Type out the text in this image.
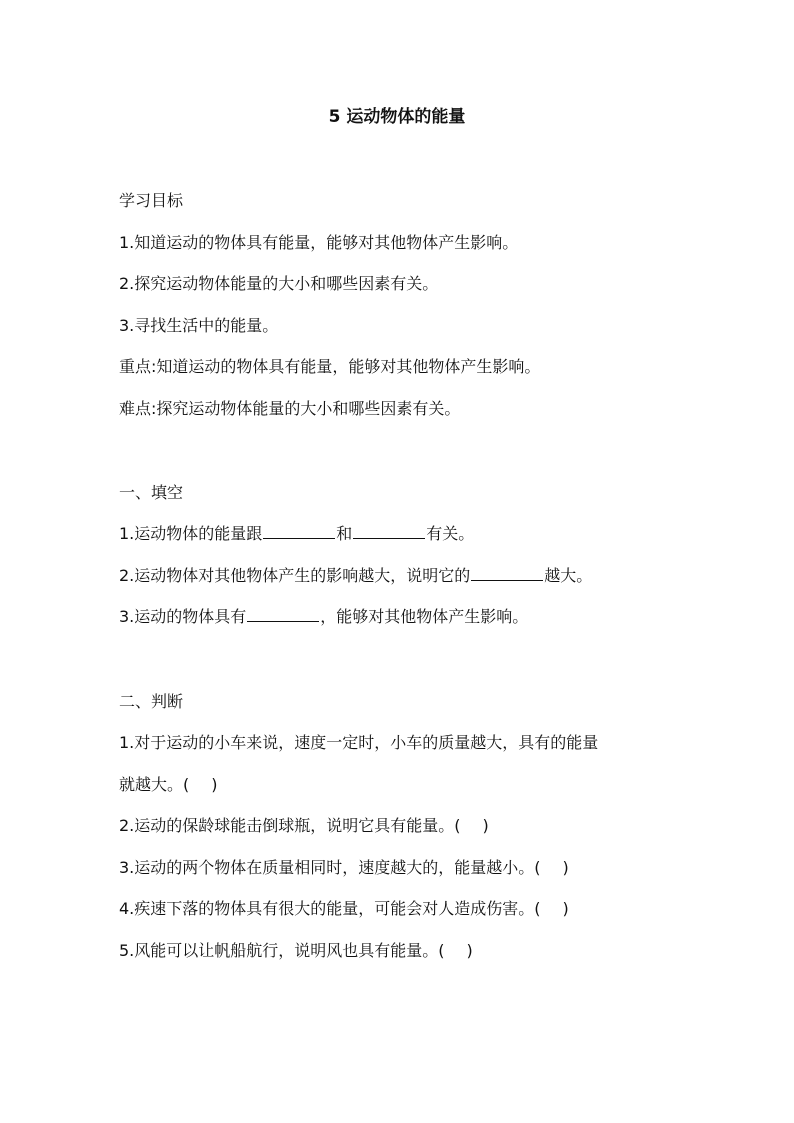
5 运动物体的能量
学习目标
1.知道运动的物体具有能量，能够对其他物体产生影响。
2.探究运动物体能量的大小和哪些因素有关。
3.寻找生活中的能量。
重点:知道运动的物体具有能量，能够对其他物体产生影响。
难点:探究运动物体能量的大小和哪些因素有关。
一、填空
1.运动物体的能量跟	和	有关。
2.运动物体对其他物体产生的影响越大，说明它的	越大。
3.运动的物体具有	，能够对其他物体产生影响。
二、判断
1.对于运动的小车来说，速度一定时，小车的质量越大，具有的能量
就越大。( )
2.运动的保龄球能击倒球瓶，说明它具有能量。( )
3.运动的两个物体在质量相同时，速度越大的，能量越小。( )
4.疾速下落的物体具有很大的能量，可能会对人造成伤害。( )
5.风能可以让帆船航行，说明风也具有能量。( )
